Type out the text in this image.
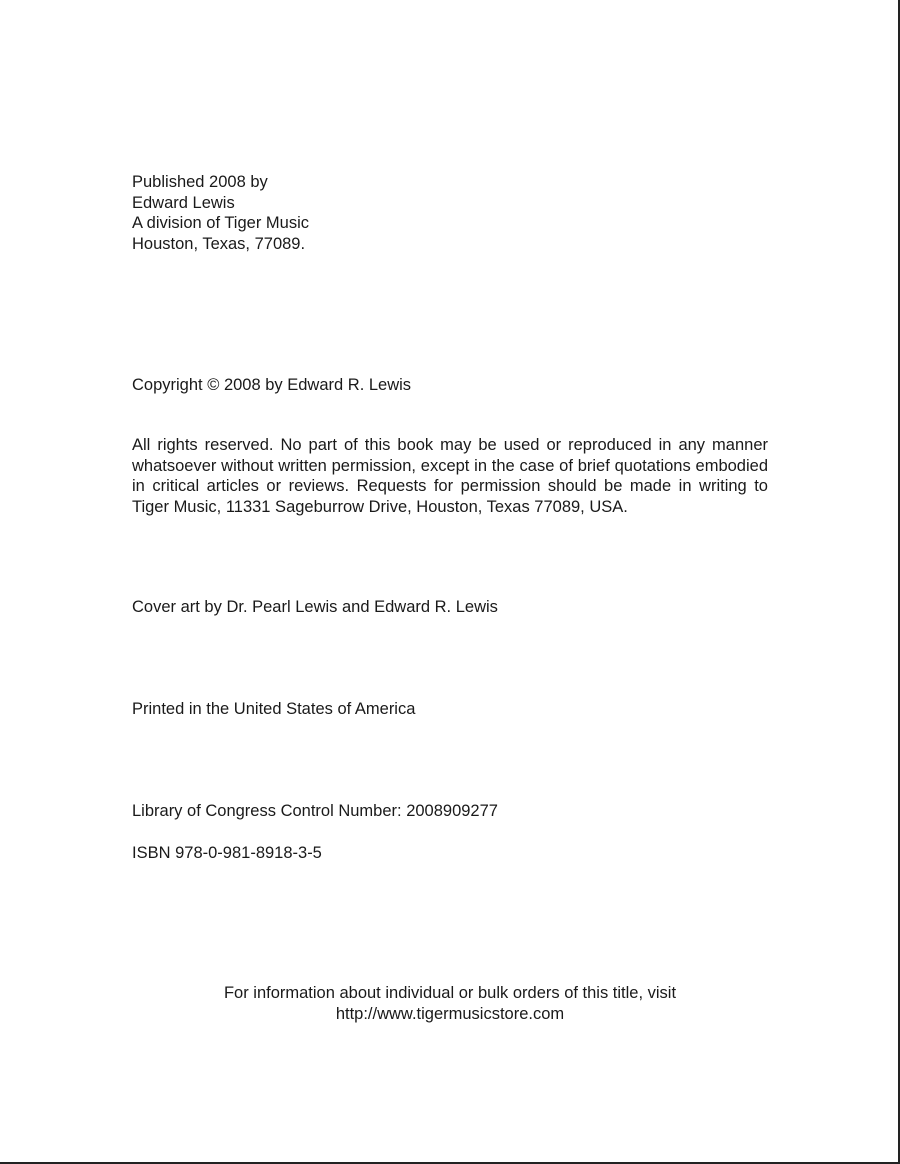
Published 2008 by
Edward Lewis
A division of Tiger Music
Houston, Texas, 77089.
Copyright © 2008 by Edward R. Lewis
All rights reserved. No part of this book may be used or reproduced in any manner whatsoever without written permission, except in the case of brief quotations embodied in critical articles or reviews. Requests for permission should be made in writing to Tiger Music, 11331 Sageburrow Drive, Houston, Texas 77089, USA.
Cover art by Dr. Pearl Lewis and Edward R. Lewis
Printed in the United States of America
Library of Congress Control Number: 2008909277
ISBN 978-0-981-8918-3-5
For information about individual or bulk orders of this title, visit
http://www.tigermusicstore.com
